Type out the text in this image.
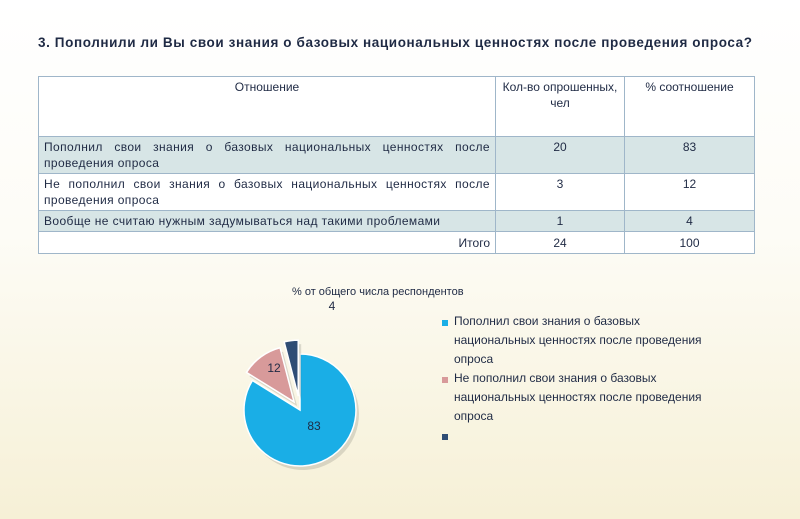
3. Пополнили ли Вы свои знания о базовых национальных ценностях после проведения опроса?
Отношение	Кол-во опрошенных, чел	% соотношение
Пополнил свои знания о базовых национальных ценностях после проведения опроса	20	83
Не пополнил свои знания о базовых национальных ценностях после проведения опроса	3	12
Вообще не считаю нужным задумываться над такими проблемами	1	4
Итого	24	100
% от общего числа респондентов
83
12
4
Пополнил свои знания о базовых национальных ценностях после проведения опроса
Не пополнил свои знания о базовых национальных ценностях после проведения опроса
